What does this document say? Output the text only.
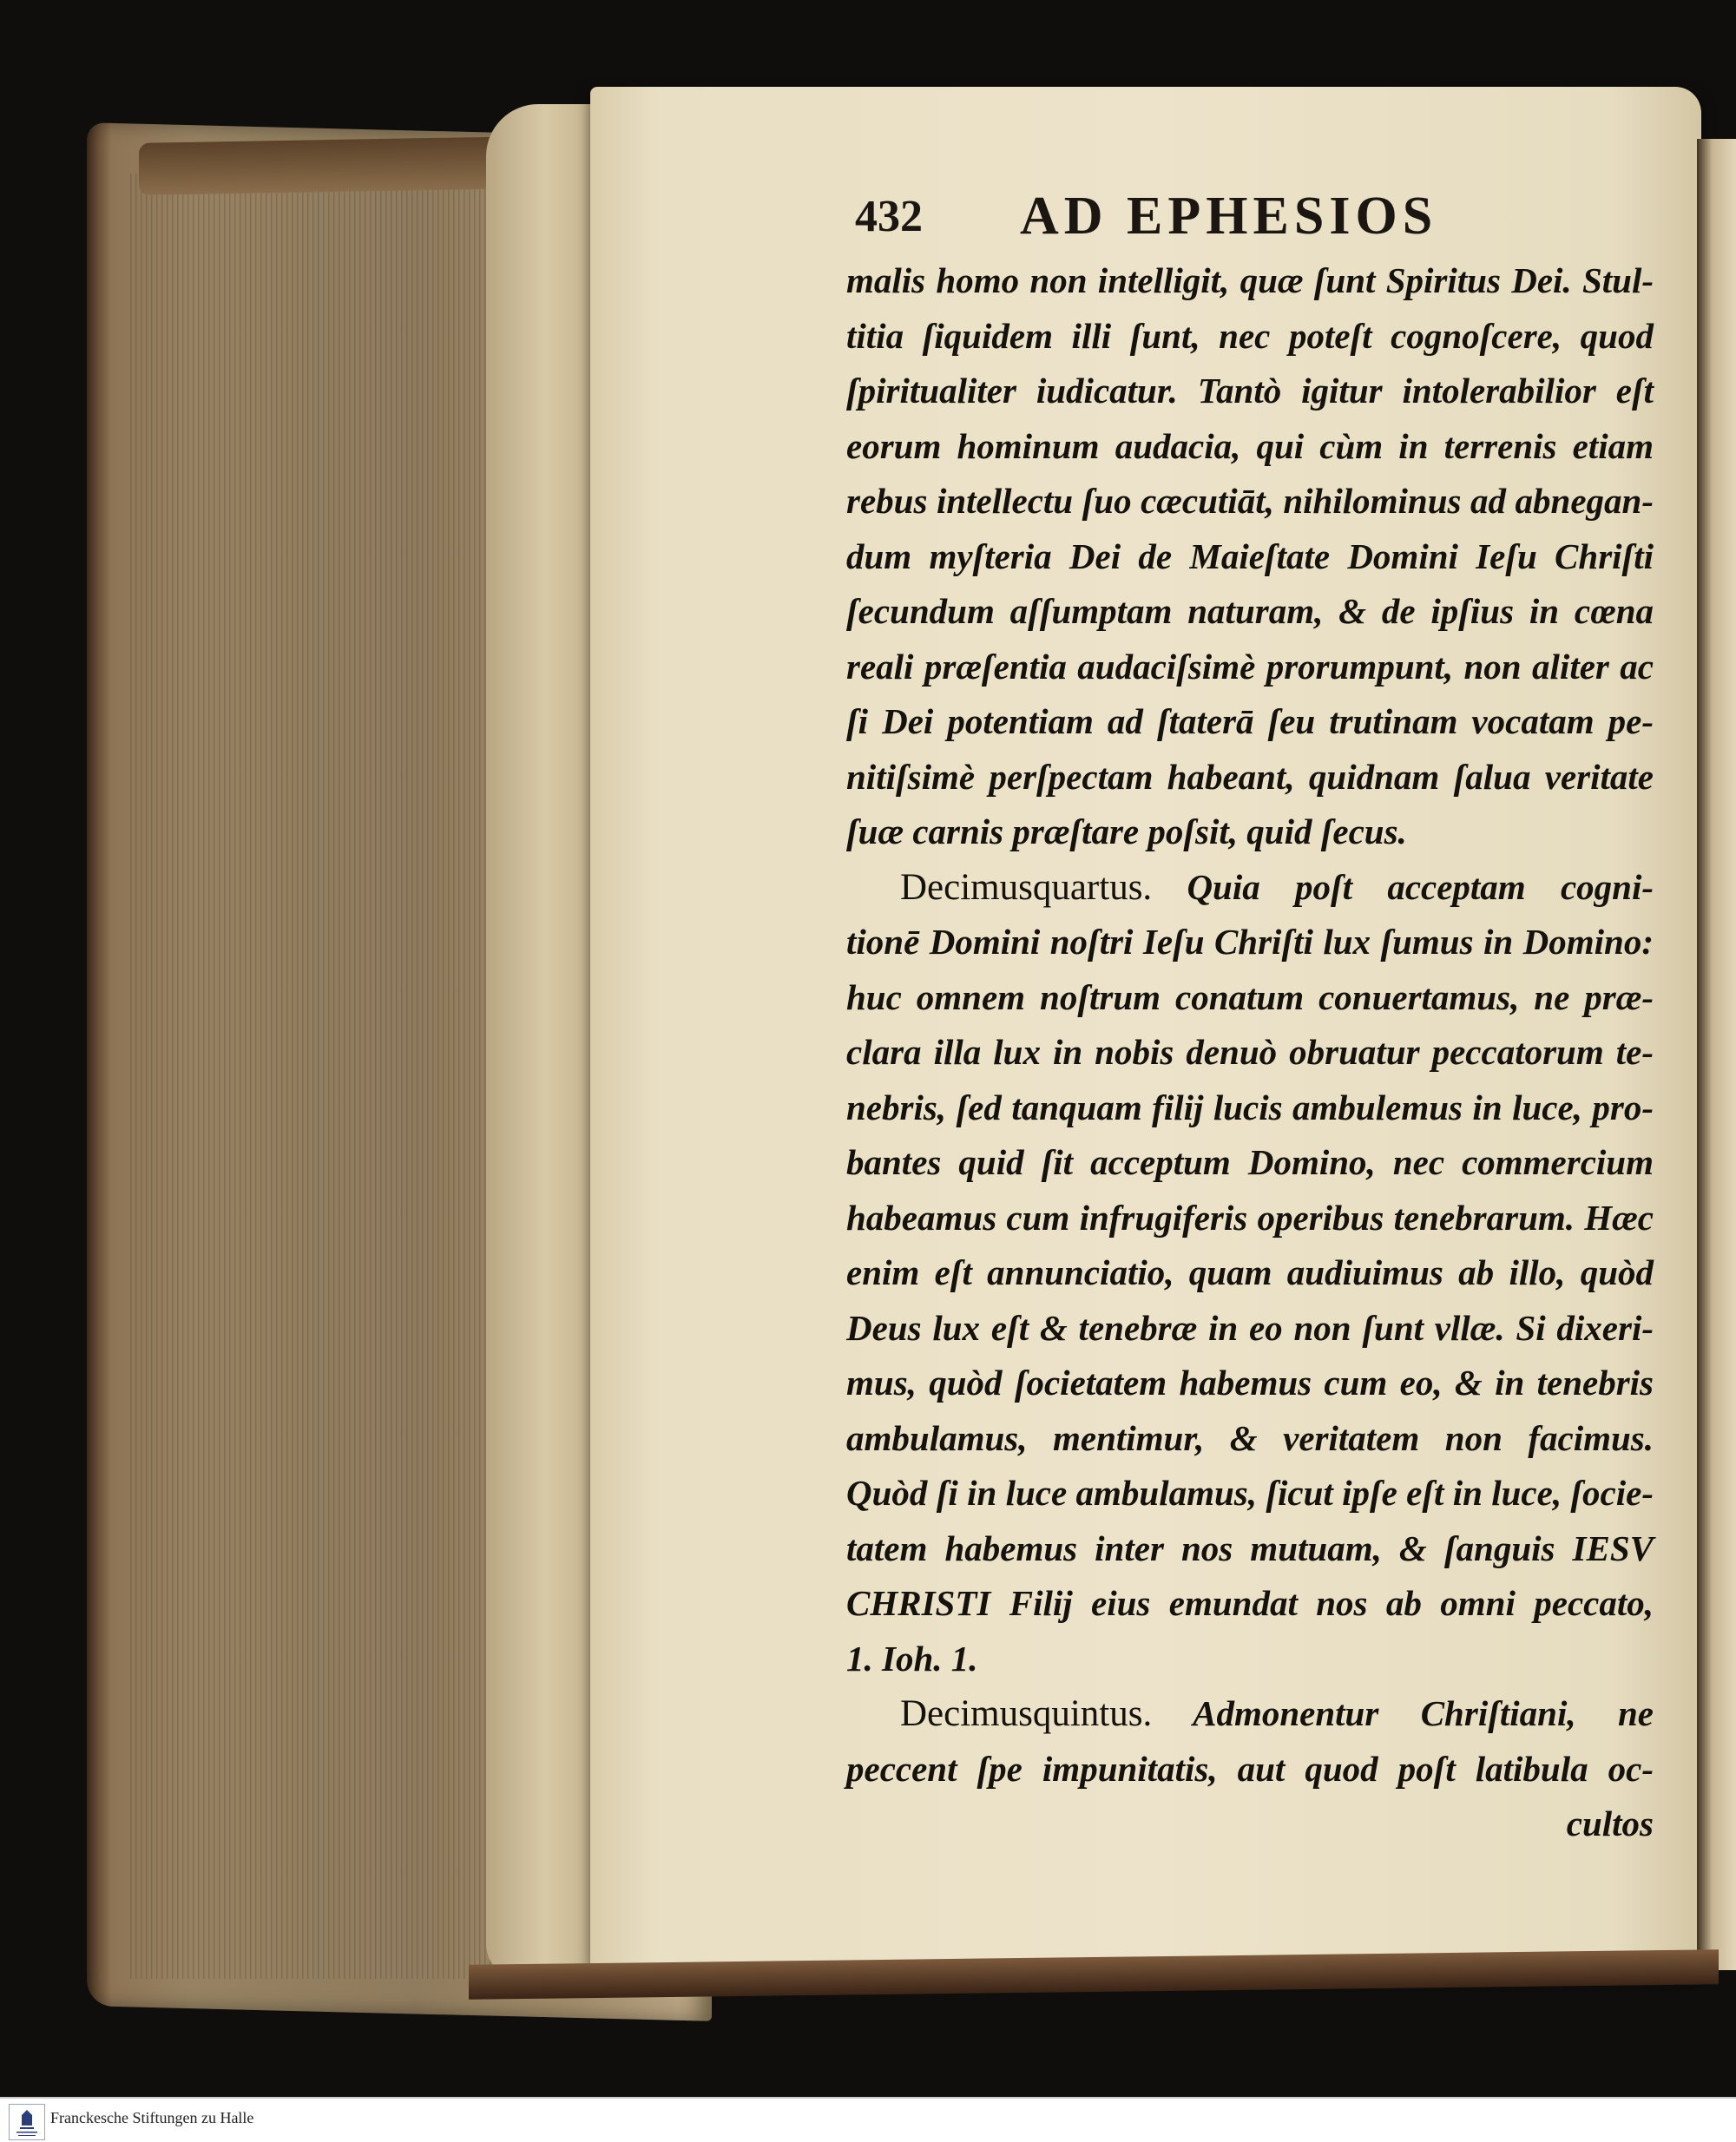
432 AD EPHESIOS
malis homo non intelligit, quæ ſunt Spiritus Dei. Stul-
titia ſiquidem illi ſunt, nec poteſt cognoſcere, quod
ſpiritualiter iudicatur. Tantò igitur intolerabilior eſt
eorum hominum audacia, qui cùm in terrenis etiam
rebus intellectu ſuo cæcutiāt, nihilominus ad abnegan-
dum myſteria Dei de Maieſtate Domini Ieſu Chriſti
ſecundum aſſumptam naturam, & de ipſius in cœna
reali præſentia audaciſsimè prorumpunt, non aliter ac
ſi Dei potentiam ad ſtaterā ſeu trutinam vocatam pe-
nitiſsimè perſpectam habeant, quidnam ſalua veritate
ſuæ carnis præſtare poſsit, quid ſecus.
Decimusquartus. Quia poſt acceptam cogni-
tionē Domini noſtri Ieſu Chriſti lux ſumus in Domino:
huc omnem noſtrum conatum conuertamus, ne præ-
clara illa lux in nobis denuò obruatur peccatorum te-
nebris, ſed tanquam filij lucis ambulemus in luce, pro-
bantes quid ſit acceptum Domino, nec commercium
habeamus cum infrugiferis operibus tenebrarum. Hæc
enim eſt annunciatio, quam audiuimus ab illo, quòd
Deus lux eſt & tenebræ in eo non ſunt vllæ. Si dixeri-
mus, quòd ſocietatem habemus cum eo, & in tenebris
ambulamus, mentimur, & veritatem non facimus.
Quòd ſi in luce ambulamus, ſicut ipſe eſt in luce, ſocie-
tatem habemus inter nos mutuam, & ſanguis IESV
CHRISTI Filij eius emundat nos ab omni peccato,
1. Ioh. 1.
Decimusquintus. Admonentur Chriſtiani, ne
peccent ſpe impunitatis, aut quod poſt latibula oc-
cultos
Franckesche Stiftungen zu Halle
